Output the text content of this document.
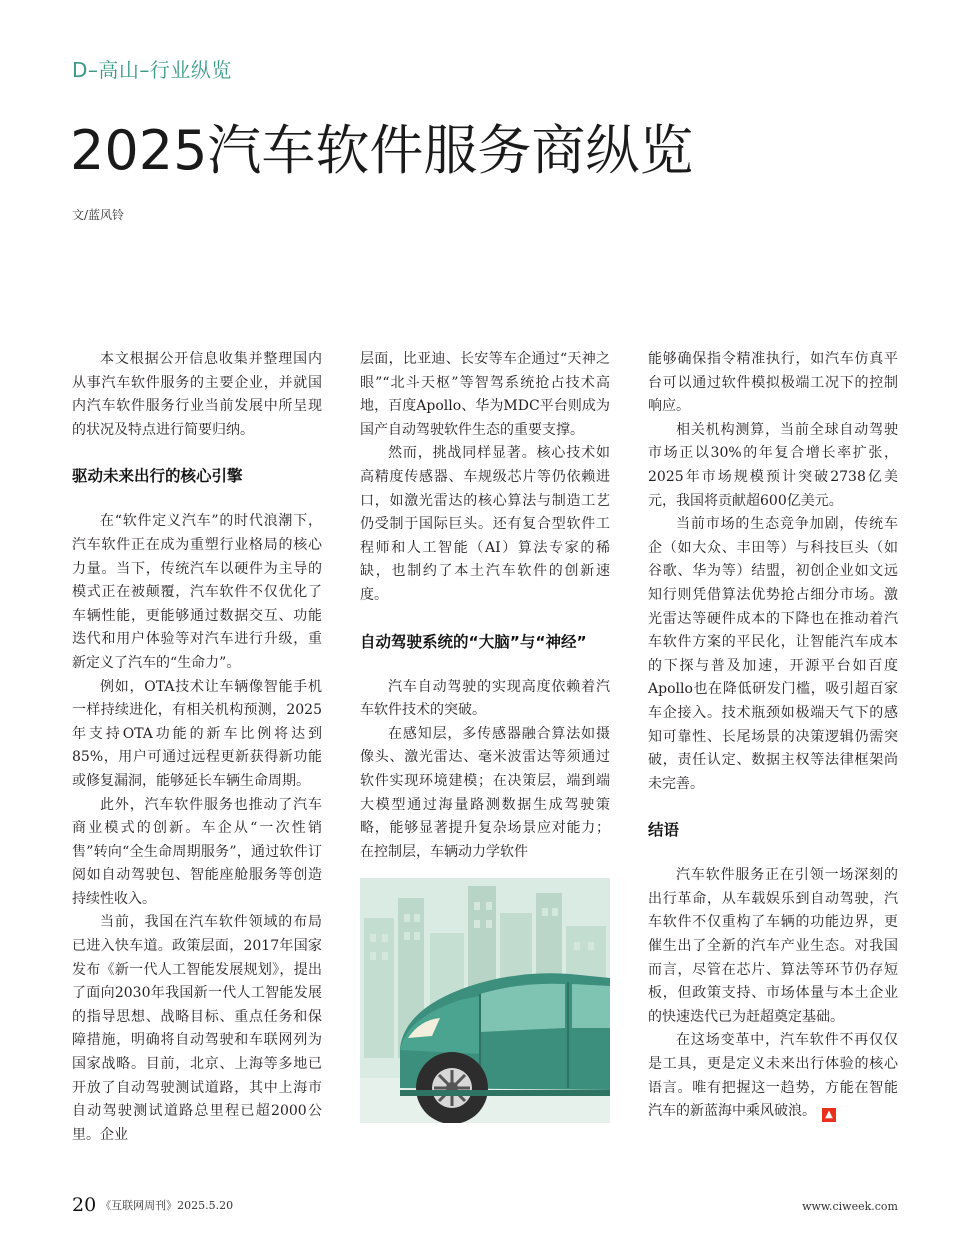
D–高山–行业纵览
2025汽车软件服务商纵览
文/蓝风铃

本文根据公开信息收集并整理国内从事汽车软件服务的主要企业，并就国内汽车软件服务行业当前发展中所呈现的状况及特点进行简要归纳。

驱动未来出行的核心引擎

在“软件定义汽车”的时代浪潮下，汽车软件正在成为重塑行业格局的核心力量。当下，传统汽车以硬件为主导的模式正在被颠覆，汽车软件不仅优化了车辆性能，更能够通过数据交互、功能迭代和用户体验等对汽车进行升级，重新定义了汽车的“生命力”。

例如，OTA技术让车辆像智能手机一样持续进化，有相关机构预测，2025年支持OTA功能的新车比例将达到85%，用户可通过远程更新获得新功能或修复漏洞，能够延长车辆生命周期。

此外，汽车软件服务也推动了汽车商业模式的创新。车企从“一次性销售”转向“全生命周期服务”，通过软件订阅如自动驾驶包、智能座舱服务等创造持续性收入。

当前，我国在汽车软件领域的布局已进入快车道。政策层面，2017年国家发布《新一代人工智能发展规划》，提出了面向2030年我国新一代人工智能发展的指导思想、战略目标、重点任务和保障措施，明确将自动驾驶和车联网列为国家战略。目前，北京、上海等多地已开放了自动驾驶测试道路，其中上海市自动驾驶测试道路总里程已超2000公里。企业

层面，比亚迪、长安等车企通过“天神之眼”“北斗天枢”等智驾系统抢占技术高地，百度Apollo、华为MDC平台则成为国产自动驾驶软件生态的重要支撑。

然而，挑战同样显著。核心技术如高精度传感器、车规级芯片等仍依赖进口，如激光雷达的核心算法与制造工艺仍受制于国际巨头。还有复合型软件工程师和人工智能（AI）算法专家的稀缺，也制约了本土汽车软件的创新速度。

自动驾驶系统的“大脑”与“神经”

汽车自动驾驶的实现高度依赖着汽车软件技术的突破。

在感知层，多传感器融合算法如摄像头、激光雷达、毫米波雷达等须通过软件实现环境建模；在决策层，端到端大模型通过海量路测数据生成驾驶策略，能够显著提升复杂场景应对能力；在控制层，车辆动力学软件

能够确保指令精准执行，如汽车仿真平台可以通过软件模拟极端工况下的控制响应。

相关机构测算，当前全球自动驾驶市场正以30%的年复合增长率扩张，2025年市场规模预计突破2738亿美元，我国将贡献超600亿美元。

当前市场的生态竞争加剧，传统车企（如大众、丰田等）与科技巨头（如谷歌、华为等）结盟，初创企业如文远知行则凭借算法优势抢占细分市场。激光雷达等硬件成本的下降也在推动着汽车软件方案的平民化，让智能汽车成本的下探与普及加速，开源平台如百度Apollo也在降低研发门槛，吸引超百家车企接入。技术瓶颈如极端天气下的感知可靠性、长尾场景的决策逻辑仍需突破，责任认定、数据主权等法律框架尚未完善。

结语

汽车软件服务正在引领一场深刻的出行革命，从车载娱乐到自动驾驶，汽车软件不仅重构了车辆的功能边界，更催生出了全新的汽车产业生态。对我国而言，尽管在芯片、算法等环节仍存短板，但政策支持、市场体量与本土企业的快速迭代已为赶超奠定基础。

在这场变革中，汽车软件不再仅仅是工具，更是定义未来出行体验的核心语言。唯有把握这一趋势，方能在智能汽车的新蓝海中乘风破浪。 ▲

20 《互联网周刊》2025.5.20	www.ciweek.com
